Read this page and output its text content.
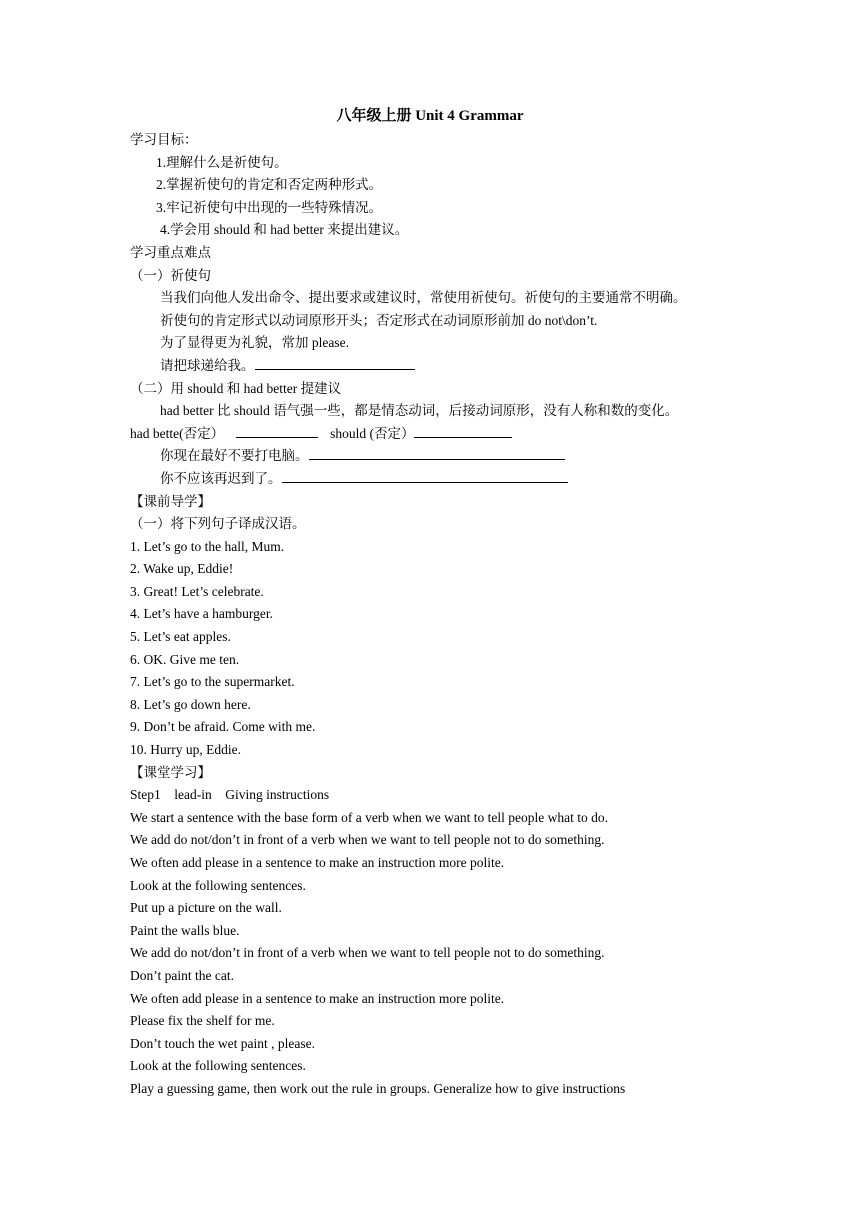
八年级上册 Unit 4 Grammar
学习目标：
1.理解什么是祈使句。
2.掌握祈使句的肯定和否定两种形式。
3.牢记祈使句中出现的一些特殊情况。
4.学会用 should 和 had better 来提出建议。
学习重点难点
（一）祈使句
当我们向他人发出命令、提出要求或建议时，常使用祈使句。祈使句的主要通常不明确。
祈使句的肯定形式以动词原形开头；否定形式在动词原形前加 do not\don’t.
为了显得更为礼貌，常加 please.
请把球递给我。
（二）用 should 和 had better 提建议
had better 比 should 语气强一些，都是情态动词，后接动词原形，没有人称和数的变化。
had bette(否定）	should (否定）
你现在最好不要打电脑。
你不应该再迟到了。
【课前导学】
（一）将下列句子译成汉语。
1. Let’s go to the hall, Mum.
2. Wake up, Eddie!
3. Great! Let’s celebrate.
4. Let’s have a hamburger.
5. Let’s eat apples.
6. OK. Give me ten.
7. Let’s go to the supermarket.
8. Let’s go down here.
9. Don’t be afraid. Come with me.
10. Hurry up, Eddie.
【课堂学习】
Step1    lead-in    Giving instructions
We start a sentence with the base form of a verb when we want to tell people what to do.
We add do not/don’t in front of a verb when we want to tell people not to do something.
We often add please in a sentence to make an instruction more polite.
Look at the following sentences.
Put up a picture on the wall.
Paint the walls blue.
We add do not/don’t in front of a verb when we want to tell people not to do something.
Don’t paint the cat.
We often add please in a sentence to make an instruction more polite.
Please fix the shelf for me.
Don’t touch the wet paint , please.
Look at the following sentences.
Play a guessing game, then work out the rule in groups. Generalize how to give instructions
